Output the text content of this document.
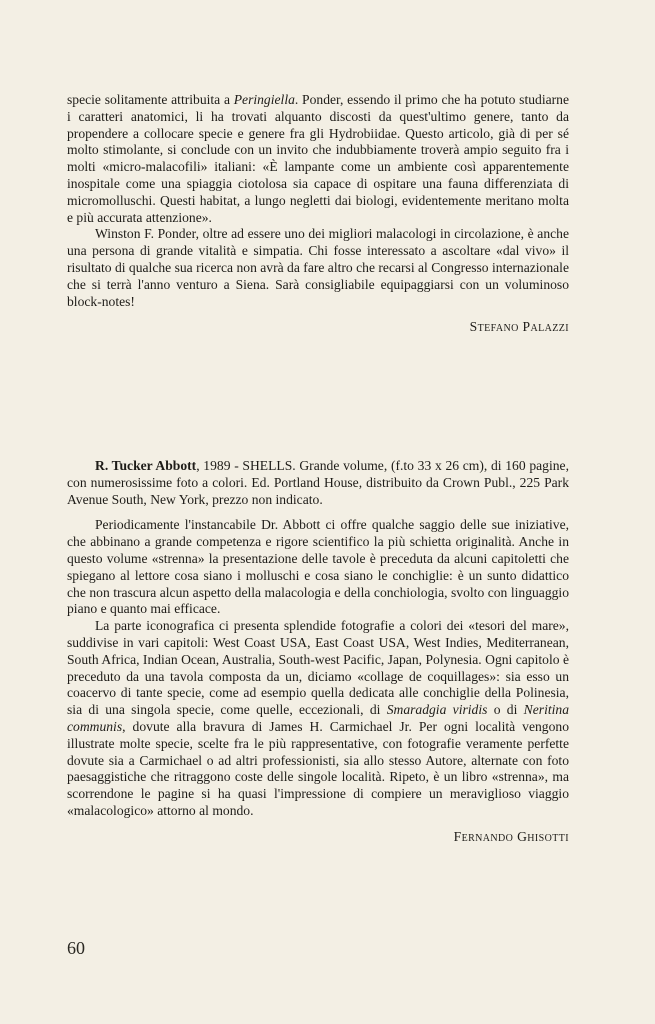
specie solitamente attribuita a Peringiella. Ponder, essendo il primo che ha potuto studiarne i caratteri anatomici, li ha trovati alquanto discosti da quest'ultimo genere, tanto da propendere a collocare specie e genere fra gli Hydrobiidae. Questo articolo, già di per sé molto stimolante, si conclude con un invito che indubbiamente troverà ampio seguito fra i molti «micro-malacofili» italiani: «È lampante come un ambiente così apparentemente inospitale come una spiaggia ciotolosa sia capace di ospitare una fauna differenziata di micromolluschi. Questi habitat, a lungo negletti dai biologi, evidentemente meritano molta e più accurata attenzione».

Winston F. Ponder, oltre ad essere uno dei migliori malacologi in circolazione, è anche una persona di grande vitalità e simpatia. Chi fosse interessato a ascoltare «dal vivo» il risultato di qualche sua ricerca non avrà da fare altro che recarsi al Congresso internazionale che si terrà l'anno venturo a Siena. Sarà consigliabile equipaggiarsi con un voluminoso block-notes!

Stefano Palazzi

R. Tucker Abbott, 1989 - SHELLS. Grande volume, (f.to 33 x 26 cm), di 160 pagine, con numerosissime foto a colori. Ed. Portland House, distribuito da Crown Publ., 225 Park Avenue South, New York, prezzo non indicato.

Periodicamente l'instancabile Dr. Abbott ci offre qualche saggio delle sue iniziative, che abbinano a grande competenza e rigore scientifico la più schietta originalità. Anche in questo volume «strenna» la presentazione delle tavole è preceduta da alcuni capitoletti che spiegano al lettore cosa siano i molluschi e cosa siano le conchiglie: è un sunto didattico che non trascura alcun aspetto della malacologia e della conchiologia, svolto con linguaggio piano e quanto mai efficace.

La parte iconografica ci presenta splendide fotografie a colori dei «tesori del mare», suddivise in vari capitoli: West Coast USA, East Coast USA, West Indies, Mediterranean, South Africa, Indian Ocean, Australia, South-west Pacific, Japan, Polynesia. Ogni capitolo è preceduto da una tavola composta da un, diciamo «collage de coquillages»: sia esso un coacervo di tante specie, come ad esempio quella dedicata alle conchiglie della Polinesia, sia di una singola specie, come quelle, eccezionali, di Smaradgia viridis o di Neritina communis, dovute alla bravura di James H. Carmichael Jr. Per ogni località vengono illustrate molte specie, scelte fra le più rappresentative, con fotografie veramente perfette dovute sia a Carmichael o ad altri professionisti, sia allo stesso Autore, alternate con foto paesaggistiche che ritraggono coste delle singole località. Ripeto, è un libro «strenna», ma scorrendone le pagine si ha quasi l'impressione di compiere un meraviglioso viaggio «malacologico» attorno al mondo.

Fernando Ghisotti
60
